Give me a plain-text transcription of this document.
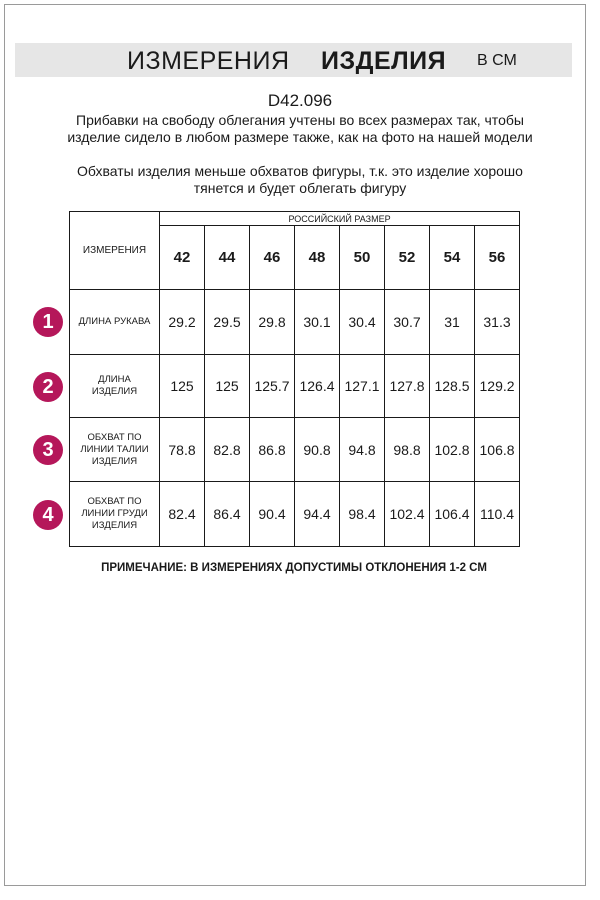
ИЗМЕРЕНИЯ ИЗДЕЛИЯ В СМ
D42.096
Прибавки на свободу облегания учтены во всех размерах так, чтобы изделие сидело в любом размере также, как на фото на нашей модели
Обхваты изделия меньше обхватов фигуры, т.к. это изделие хорошо тянется и будет облегать фигуру
ИЗМЕРЕНИЯ	РОССИЙСКИЙ РАЗМЕР							
	42	44	46	48	50	52	54	56
ДЛИНА РУКАВА	29.2	29.5	29.8	30.1	30.4	30.7	31	31.3
ДЛИНА ИЗДЕЛИЯ	125	125	125.7	126.4	127.1	127.8	128.5	129.2
ОБХВАТ ПО ЛИНИИ ТАЛИИ ИЗДЕЛИЯ	78.8	82.8	86.8	90.8	94.8	98.8	102.8	106.8
ОБХВАТ ПО ЛИНИИ ГРУДИ ИЗДЕЛИЯ	82.4	86.4	90.4	94.4	98.4	102.4	106.4	110.4
1
2
3
4
ПРИМЕЧАНИЕ: В ИЗМЕРЕНИЯХ ДОПУСТИМЫ ОТКЛОНЕНИЯ 1-2 СМ
